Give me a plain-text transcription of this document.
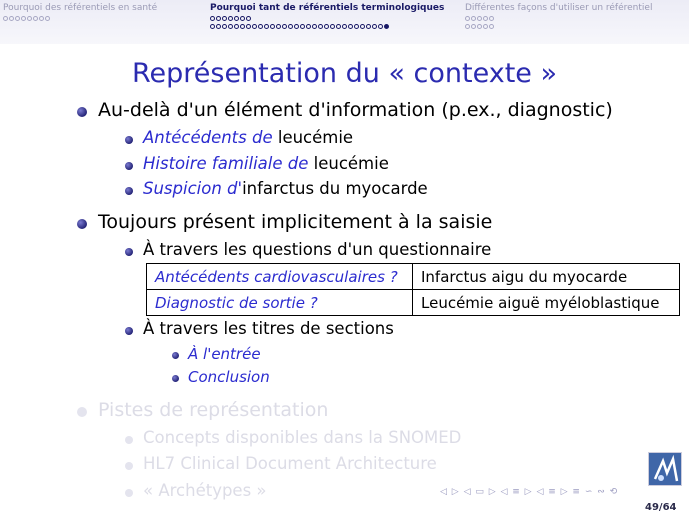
Pourquoi des référentiels en santé	Pourquoi tant de référentiels terminologiques Différentes façons d'utiliser un référentiel
Représentation du « contexte »
Au-delà d'un élément d'information (p.ex., diagnostic)
Antécédents de leucémie
Histoire familiale de leucémie
Suspicion d'infarctus du myocarde
Toujours présent implicitement à la saisie
À travers les questions d'un questionnaire
Antécédents cardiovasculaires ?	Infarctus aigu du myocarde
Diagnostic de sortie ?	Leucémie aiguë myéloblastique
À travers les titres de sections
À l'entrée
Conclusion
Pistes de représentation
Concepts disponibles dans la SNOMED
HL7 Clinical Document Architecture
« Archétypes »	◁ ▷ ◁ ▭ ▷ ◁ ≡ ▷ ◁ ≡ ▷ ≡ ∽ ∾ ⟲
49/64
